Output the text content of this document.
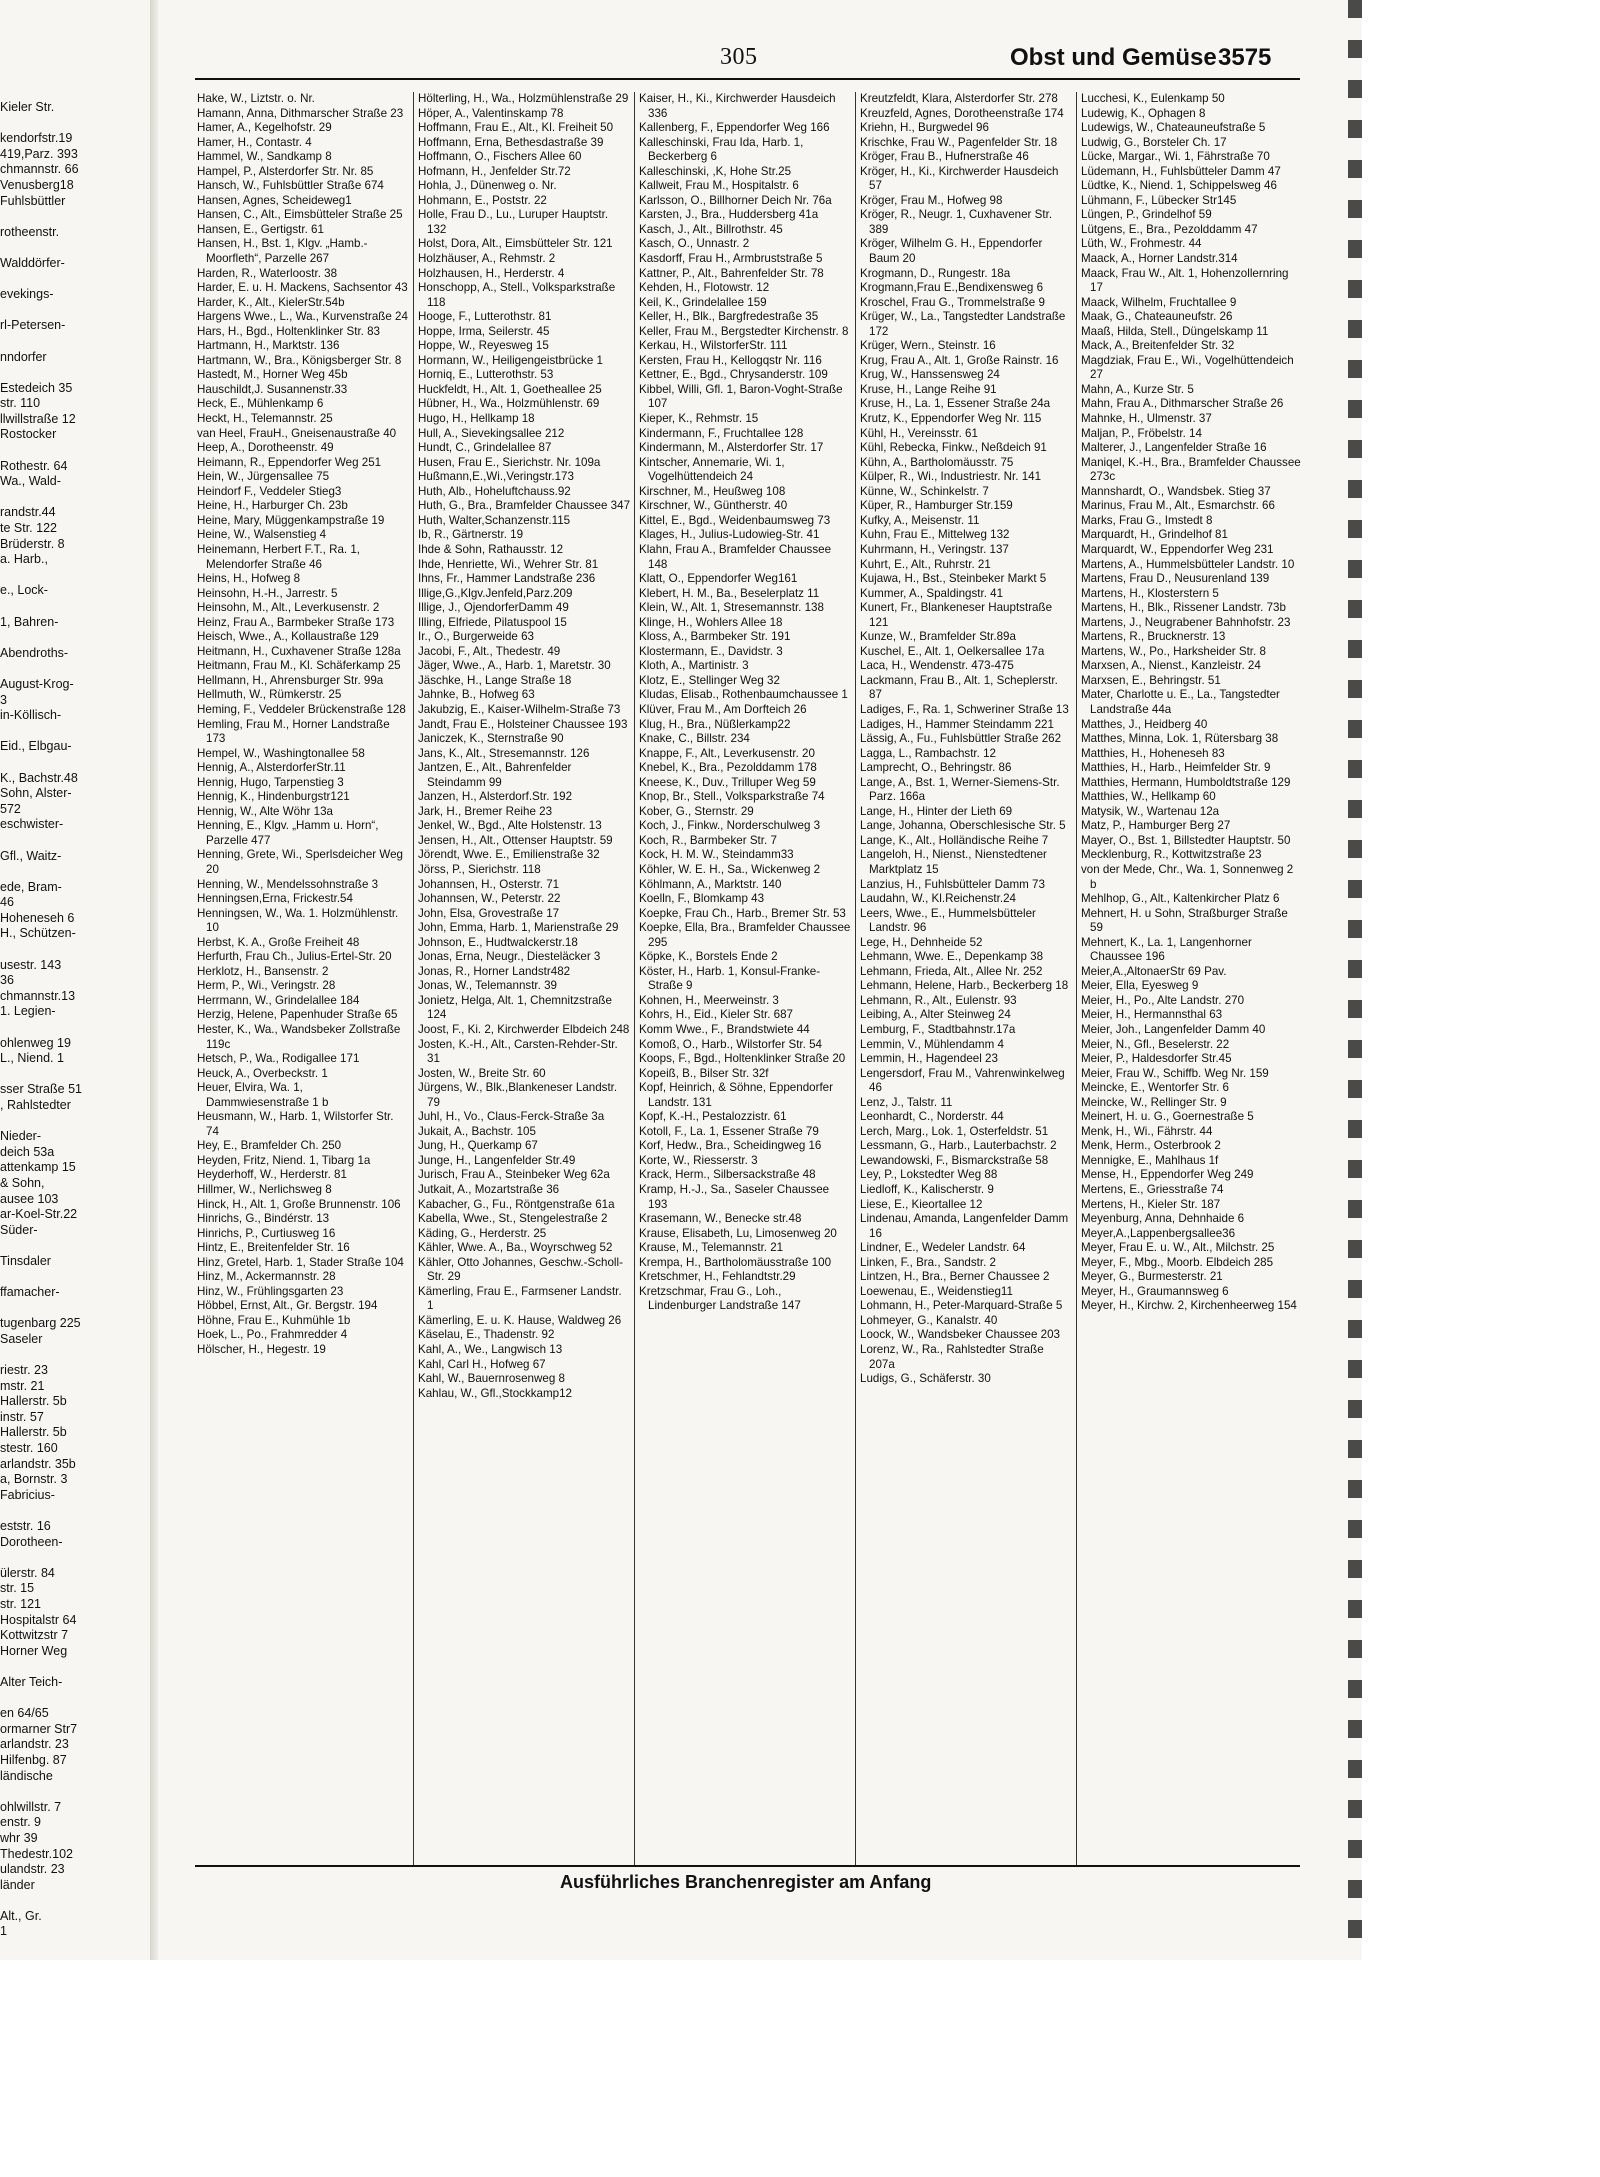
305	Obst und Gemüse 3575
Kieler Str.

kendorfstr.19
419,Parz. 393
chmannstr. 66
Venusberg18
Fuhlsbüttler

rotheenstr.

Walddörfer-

evekings-

rl-Petersen-

nndorfer

Estedeich 35
str. 110
llwillstraße 12
Rostocker

Rothestr. 64
Wa., Wald-

randstr.44
te Str. 122
Brüderstr. 8
a. Harb.,

e., Lock-

1, Bahren-

Abendroths-

August-Krog-
3
in-Köllisch-

Eid., Elbgau-

K., Bachstr.48
Sohn, Alster-
572
eschwister-

Gfl., Waitz-

ede, Bram-
46
Hoheneseh 6
H., Schützen-

usestr. 143
36
chmannstr.13
1. Legien-

ohlenweg 19
L., Niend. 1

sser Straße 51
, Rahlstedter

Nieder-
deich 53a
attenkamp 15
& Sohn,
ausee 103
ar-Koel-Str.22
Süder-

Tinsdaler

ffamacher-

tugenbarg 225
Saseler

riestr. 23
mstr. 21
Hallerstr. 5b
instr. 57
Hallerstr. 5b
stestr. 160
arlandstr. 35b
a, Bornstr. 3
Fabricius-

eststr. 16
Dorotheen-

ülerstr. 84
str. 15
str. 121
Hospitalstr 64
Kottwitzstr 7
Horner Weg

Alter Teich-

en 64/65
ormarner Str7
arlandstr. 23
Hilfenbg. 87
ländische

ohlwillstr. 7
enstr. 9
whr 39
Thedestr.102
ulandstr. 23
länder

Alt., Gr.
1
Hake, W., Liztstr. o. Nr.
Hamann, Anna, Dithmarscher Straße 23
Hamer, A., Kegelhofstr. 29
Hamer, H., Contastr. 4
Hammel, W., Sandkamp 8
Hampel, P., Alsterdorfer Str. Nr. 85
Hansch, W., Fuhlsbüttler Straße 674
Hansen, Agnes, Scheideweg1
Hansen, C., Alt., Eimsbütteler Straße 25
Hansen, E., Gertigstr. 61
Hansen, H., Bst. 1, Klgv. „Hamb.-Moorfleth“, Parzelle 267
Harden, R., Waterloostr. 38
Harder, E. u. H. Mackens, Sachsentor 43
Harder, K., Alt., KielerStr.54b
Hargens Wwe., L., Wa., Kurvenstraße 24
Hars, H., Bgd., Holtenklinker Str. 83
Hartmann, H., Marktstr. 136
Hartmann, W., Bra., Königsberger Str. 8
Hastedt, M., Horner Weg 45b
Hauschildt,J. Susannenstr.33
Heck, E., Mühlenkamp 6
Heckt, H., Telemannstr. 25
van Heel, FrauH., Gneisenaustraße 40
Heep, A., Dorotheenstr. 49
Heimann, R., Eppendorfer Weg 251
Hein, W., Jürgensallee 75
Heindorf F., Veddeler Stieg3
Heine, H., Harburger Ch. 23b
Heine, Mary, Müggenkampstraße 19
Heine, W., Walsenstieg 4
Heinemann, Herbert F.T., Ra. 1, Melendorfer Straße 46
Heins, H., Hofweg 8
Heinsohn, H.-H., Jarrestr. 5
Heinsohn, M., Alt., Leverkusenstr. 2
Heinz, Frau A., Barmbeker Straße 173
Heisch, Wwe., A., Kollaustraße 129
Heitmann, H., Cuxhavener Straße 128a
Heitmann, Frau M., Kl. Schäferkamp 25
Hellmann, H., Ahrensburger Str. 99a
Hellmuth, W., Rümkerstr. 25
Heming, F., Veddeler Brückenstraße 128
Hemling, Frau M., Horner Landstraße 173
Hempel, W., Washingtonallee 58
Hennig, A., AlsterdorferStr.11
Hennig, Hugo, Tarpenstieg 3
Hennig, K., Hindenburgstr121
Hennig, W., Alte Wöhr 13a
Henning, E., Klgv. „Hamm u. Horn“, Parzelle 477
Henning, Grete, Wi., Sperlsdeicher Weg 20
Henning, W., Mendelssohnstraße 3
Henningsen,Erna, Frickestr.54
Henningsen, W., Wa. 1. Holzmühlenstr. 10
Herbst, K. A., Große Freiheit 48
Herfurth, Frau Ch., Julius-Ertel-Str. 20
Herklotz, H., Bansenstr. 2
Herm, P., Wi., Veringstr. 28
Herrmann, W., Grindelallee 184
Herzig, Helene, Papenhuder Straße 65
Hester, K., Wa., Wandsbeker Zollstraße 119c
Hetsch, P., Wa., Rodigallee 171
Heuck, A., Overbeckstr. 1
Heuer, Elvira, Wa. 1, Dammwiesenstraße 1 b
Heusmann, W., Harb. 1, Wilstorfer Str. 74
Hey, E., Bramfelder Ch. 250
Heyden, Fritz, Niend. 1, Tibarg 1a
Heyderhoff, W., Herderstr. 81
Hillmer, W., Nerlichsweg 8
Hinck, H., Alt. 1, Große Brunnenstr. 106
Hinrichs, G., Bindérstr. 13
Hinrichs, P., Curtiusweg 16
Hintz, E., Breitenfelder Str. 16
Hinz, Gretel, Harb. 1, Stader Straße 104
Hinz, M., Ackermannstr. 28
Hinz, W., Frühlingsgarten 23
Höbbel, Ernst, Alt., Gr. Bergstr. 194
Höhne, Frau E., Kuhmühle 1b
Hoek, L., Po., Frahmredder 4
Hölscher, H., Hegestr. 19
Hölterling, H., Wa., Holzmühlenstraße 29
Höper, A., Valentinskamp 78
Hoffmann, Frau E., Alt., Kl. Freiheit 50
Hoffmann, Erna, Bethesdastraße 39
Hoffmann, O., Fischers Allee 60
Hofmann, H., Jenfelder Str.72
Hohla, J., Dünenweg o. Nr.
Hohmann, E., Poststr. 22
Holle, Frau D., Lu., Luruper Hauptstr. 132
Holst, Dora, Alt., Eimsbütteler Str. 121
Holzhäuser, A., Rehmstr. 2
Holzhausen, H., Herderstr. 4
Honschopp, A., Stell., Volksparkstraße 118
Hooge, F., Lutterothstr. 81
Hoppe, Irma, Seilerstr. 45
Hoppe, W., Reyesweg 15
Hormann, W., Heiligengeistbrücke 1
Horniq, E., Lutterothstr. 53
Huckfeldt, H., Alt. 1, Goetheallee 25
Hübner, H., Wa., Holzmühlenstr. 69
Hugo, H., Hellkamp 18
Hull, A., Sievekingsallee 212
Hundt, C., Grindelallee 87
Husen, Frau E., Sierichstr. Nr. 109a
Hußmann,E.,Wi.,Veringstr.173
Huth, Alb., Hoheluftchauss.92
Huth, G., Bra., Bramfelder Chaussee 347
Huth, Walter,Schanzenstr.115
Ib, R., Gärtnerstr. 19
Ihde & Sohn, Rathausstr. 12
Ihde, Henriette, Wi., Wehrer Str. 81
Ihns, Fr., Hammer Landstraße 236
Illige,G.,Klgv.Jenfeld,Parz.209
Illige, J., OjendorferDamm 49
Illing, Elfriede, Pilatuspool 15
Ir., O., Burgerweide 63
Jacobi, F., Alt., Thedestr. 49
Jäger, Wwe., A., Harb. 1, Maretstr. 30
Jäschke, H., Lange Straße 18
Jahnke, B., Hofweg 63
Jakubzig, E., Kaiser-Wilhelm-Straße 73
Jandt, Frau E., Holsteiner Chaussee 193
Janiczek, K., Sternstraße 90
Jans, K., Alt., Stresemannstr. 126
Jantzen, E., Alt., Bahrenfelder Steindamm 99
Janzen, H., Alsterdorf.Str. 192
Jark, H., Bremer Reihe 23
Jenkel, W., Bgd., Alte Holstenstr. 13
Jensen, H., Alt., Ottenser Hauptstr. 59
Jörendt, Wwe. E., Emilienstraße 32
Jörss, P., Sierichstr. 118
Johannsen, H., Osterstr. 71
Johannsen, W., Peterstr. 22
John, Elsa, Grovestraße 17
John, Emma, Harb. 1, Marienstraße 29
Johnson, E., Hudtwalckerstr.18
Jonas, Erna, Neugr., Diesteläcker 3
Jonas, R., Horner Landstr482
Jonas, W., Telemannstr. 39
Jonietz, Helga, Alt. 1, Chemnitzstraße 124
Joost, F., Ki. 2, Kirchwerder Elbdeich 248
Josten, K.-H., Alt., Carsten-Rehder-Str. 31
Josten, W., Breite Str. 60
Jürgens, W., Blk.,Blankeneser Landstr. 79
Juhl, H., Vo., Claus-Ferck-Straße 3a
Jukait, A., Bachstr. 105
Jung, H., Querkamp 67
Junge, H., Langenfelder Str.49
Jurisch, Frau A., Steinbeker Weg 62a
Jutkait, A., Mozartstraße 36
Kabacher, G., Fu., Röntgenstraße 61a
Kabella, Wwe., St., Stengelestraße 2
Käding, G., Herderstr. 25
Kähler, Wwe. A., Ba., Woyrschweg 52
Kähler, Otto Johannes, Geschw.-Scholl-Str. 29
Kämerling, Frau E., Farmsener Landstr. 1
Kämerling, E. u. K. Hause, Waldweg 26
Käselau, E., Thadenstr. 92
Kahl, A., We., Langwisch 13
Kahl, Carl H., Hofweg 67
Kahl, W., Bauernrosenweg 8
Kahlau, W., Gfl.,Stockkamp12
Kaiser, H., Ki., Kirchwerder Hausdeich 336
Kallenberg, F., Eppendorfer Weg 166
Kalleschinski, Frau Ida, Harb. 1, Beckerberg 6
Kalleschinski, ,K, Hohe Str.25
Kallweit, Frau M., Hospitalstr. 6
Karlsson, O., Billhorner Deich Nr. 76a
Karsten, J., Bra., Huddersberg 41a
Kasch, J., Alt., Billrothstr. 45
Kasch, O., Unnastr. 2
Kasdorff, Frau H., Armbruststraße 5
Kattner, P., Alt., Bahrenfelder Str. 78
Kehden, H., Flotowstr. 12
Keil, K., Grindelallee 159
Keller, H., Blk., Bargfredestraße 35
Keller, Frau M., Bergstedter Kirchenstr. 8
Kerkau, H., WilstorferStr. 111
Kersten, Frau H., Kellogqstr Nr. 116
Kettner, E., Bgd., Chrysanderstr. 109
Kibbel, Willi, Gfl. 1, Baron-Voght-Straße 107
Kieper, K., Rehmstr. 15
Kindermann, F., Fruchtallee 128
Kindermann, M., Alsterdorfer Str. 17
Kintscher, Annemarie, Wi. 1, Vogelhüttendeich 24
Kirschner, M., Heußweg 108
Kirschner, W., Güntherstr. 40
Kittel, E., Bgd., Weidenbaumsweg 73
Klages, H., Julius-Ludowieg-Str. 41
Klahn, Frau A., Bramfelder Chaussee 148
Klatt, O., Eppendorfer Weg161
Klebert, H. M., Ba., Beselerplatz 11
Klein, W., Alt. 1, Stresemannstr. 138
Klinge, H., Wohlers Allee 18
Kloss, A., Barmbeker Str. 191
Klostermann, E., Davidstr. 3
Kloth, A., Martinistr. 3
Klotz, E., Stellinger Weg 32
Kludas, Elisab., Rothenbaumchaussee 1
Klüver, Frau M., Am Dorfteich 26
Klug, H., Bra., Nüßlerkamp22
Knake, C., Billstr. 234
Knappe, F., Alt., Leverkusenstr. 20
Knebel, K., Bra., Pezolddamm 178
Kneese, K., Duv., Trilluper Weg 59
Knop, Br., Stell., Volksparkstraße 74
Kober, G., Sternstr. 29
Koch, J., Finkw., Norderschulweg 3
Koch, R., Barmbeker Str. 7
Kock, H. M. W., Steindamm33
Köhler, W. E. H., Sa., Wickenweg 2
Köhlmann, A., Marktstr. 140
Koelln, F., Blomkamp 43
Koepke, Frau Ch., Harb., Bremer Str. 53
Koepke, Ella, Bra., Bramfelder Chaussee 295
Köpke, K., Borstels Ende 2
Köster, H., Harb. 1, Konsul-Franke-Straße 9
Kohnen, H., Meerweinstr. 3
Kohrs, H., Eid., Kieler Str. 687
Komm Wwe., F., Brandstwiete 44
Komoß, O., Harb., Wilstorfer Str. 54
Koops, F., Bgd., Holtenklinker Straße 20
Kopeiß, B., Bilser Str. 32f
Kopf, Heinrich, & Söhne, Eppendorfer Landstr. 131
Kopf, K.-H., Pestalozzistr. 61
Kotoll, F., La. 1, Essener Straße 79
Korf, Hedw., Bra., Scheidingweg 16
Korte, W., Riesserstr. 3
Krack, Herm., Silbersackstraße 48
Kramp, H.-J., Sa., Saseler Chaussee 193
Krasemann, W., Benecke str.48
Krause, Elisabeth, Lu, Limosenweg 20
Krause, M., Telemannstr. 21
Krempa, H., Bartholomäusstraße 100
Kretschmer, H., Fehlandtstr.29
Kretzschmar, Frau G., Loh., Lindenburger Landstraße 147
Kreutzfeldt, Klara, Alsterdorfer Str. 278
Kreuzfeld, Agnes, Dorotheenstraße 174
Kriehn, H., Burgwedel 96
Krischke, Frau W., Pagenfelder Str. 18
Kröger, Frau B., Hufnerstraße 46
Kröger, H., Ki., Kirchwerder Hausdeich 57
Kröger, Frau M., Hofweg 98
Kröger, R., Neugr. 1, Cuxhavener Str. 389
Kröger, Wilhelm G. H., Eppendorfer Baum 20
Krogmann, D., Rungestr. 18a
Krogmann,Frau E.,Bendixensweg 6
Kroschel, Frau G., Trommelstraße 9
Krüger, W., La., Tangstedter Landstraße 172
Krüger, Wern., Steinstr. 16
Krug, Frau A., Alt. 1, Große Rainstr. 16
Krug, W., Hanssensweg 24
Kruse, H., Lange Reihe 91
Kruse, H., La. 1, Essener Straße 24a
Krutz, K., Eppendorfer Weg Nr. 115
Kühl, H., Vereinsstr. 61
Kühl, Rebecka, Finkw., Neßdeich 91
Kühn, A., Bartholomäusstr. 75
Külper, R., Wi., Industriestr. Nr. 141
Künne, W., Schinkelstr. 7
Küper, R., Hamburger Str.159
Kufky, A., Meisenstr. 11
Kuhn, Frau E., Mittelweg 132
Kuhrmann, H., Veringstr. 137
Kuhrt, E., Alt., Ruhrstr. 21
Kujawa, H., Bst., Steinbeker Markt 5
Kummer, A., Spaldingstr. 41
Kunert, Fr., Blankeneser Hauptstraße 121
Kunze, W., Bramfelder Str.89a
Kuschel, E., Alt. 1, Oelkersallee 17a
Laca, H., Wendenstr. 473-475
Lackmann, Frau B., Alt. 1, Scheplerstr. 87
Ladiges, F., Ra. 1, Schweriner Straße 13
Ladiges, H., Hammer Steindamm 221
Lässig, A., Fu., Fuhlsbüttler Straße 262
Lagga, L., Rambachstr. 12
Lamprecht, O., Behringstr. 86
Lange, A., Bst. 1, Werner-Siemens-Str. Parz. 166a
Lange, H., Hinter der Lieth 69
Lange, Johanna, Oberschlesische Str. 5
Lange, K., Alt., Holländische Reihe 7
Langeloh, H., Nienst., Nienstedtener Marktplatz 15
Lanzius, H., Fuhlsbütteler Damm 73
Laudahn, W., Kl.Reichenstr.24
Leers, Wwe., E., Hummelsbütteler Landstr. 96
Lege, H., Dehnheide 52
Lehmann, Wwe. E., Depenkamp 38
Lehmann, Frieda, Alt., Allee Nr. 252
Lehmann, Helene, Harb., Beckerberg 18
Lehmann, R., Alt., Eulenstr. 93
Leibing, A., Alter Steinweg 24
Lemburg, F., Stadtbahnstr.17a
Lemmin, V., Mühlendamm 4
Lemmin, H., Hagendeel 23
Lengersdorf, Frau M., Vahrenwinkelweg 46
Lenz, J., Talstr. 11
Leonhardt, C., Norderstr. 44
Lerch, Marg., Lok. 1, Osterfeldstr. 51
Lessmann, G., Harb., Lauterbachstr. 2
Lewandowski, F., Bismarckstraße 58
Ley, P., Lokstedter Weg 88
Liedloff, K., Kalischerstr. 9
Liese, E., Kieortallee 12
Lindenau, Amanda, Langenfelder Damm 16
Lindner, E., Wedeler Landstr. 64
Linken, F., Bra., Sandstr. 2
Lintzen, H., Bra., Berner Chaussee 2
Loewenau, E., Weidenstieg11
Lohmann, H., Peter-Marquard-Straße 5
Lohmeyer, G., Kanalstr. 40
Loock, W., Wandsbeker Chaussee 203
Lorenz, W., Ra., Rahlstedter Straße 207a
Ludigs, G., Schäferstr. 30
Lucchesi, K., Eulenkamp 50
Ludewig, K., Ophagen 8
Ludewigs, W., Chateauneufstraße 5
Ludwig, G., Borsteler Ch. 17
Lücke, Margar., Wi. 1, Fährstraße 70
Lüdemann, H., Fuhlsbütteler Damm 47
Lüdtke, K., Niend. 1, Schippelsweg 46
Lühmann, F., Lübecker Str145
Lüngen, P., Grindelhof 59
Lütgens, E., Bra., Pezolddamm 47
Lüth, W., Frohmestr. 44
Maack, A., Horner Landstr.314
Maack, Frau W., Alt. 1, Hohenzollernring 17
Maack, Wilhelm, Fruchtallee 9
Maak, G., Chateauneufstr. 26
Maaß, Hilda, Stell., Düngelskamp 11
Mack, A., Breitenfelder Str. 32
Magdziak, Frau E., Wi., Vogelhüttendeich 27
Mahn, A., Kurze Str. 5
Mahn, Frau A., Dithmarscher Straße 26
Mahnke, H., Ulmenstr. 37
Maljan, P., Fröbelstr. 14
Malterer, J., Langenfelder Straße 16
Maniqel, K.-H., Bra., Bramfelder Chaussee 273c
Mannshardt, O., Wandsbek. Stieg 37
Marinus, Frau M., Alt., Esmarchstr. 66
Marks, Frau G., Imstedt 8
Marquardt, H., Grindelhof 81
Marquardt, W., Eppendorfer Weg 231
Martens, A., Hummelsbütteler Landstr. 10
Martens, Frau D., Neusurenland 139
Martens, H., Klosterstern 5
Martens, H., Blk., Rissener Landstr. 73b
Martens, J., Neugrabener Bahnhofstr. 23
Martens, R., Brucknerstr. 13
Martens, W., Po., Harksheider Str. 8
Marxsen, A., Nienst., Kanzleistr. 24
Marxsen, E., Behringstr. 51
Mater, Charlotte u. E., La., Tangstedter Landstraße 44a
Matthes, J., Heidberg 40
Matthes, Minna, Lok. 1, Rütersbarg 38
Matthies, H., Hoheneseh 83
Matthies, H., Harb., Heimfelder Str. 9
Matthies, Hermann, Humboldtstraße 129
Matthies, W., Hellkamp 60
Matysik, W., Wartenau 12a
Matz, P., Hamburger Berg 27
Mayer, O., Bst. 1, Billstedter Hauptstr. 50
Mecklenburg, R., Kottwitzstraße 23
von der Mede, Chr., Wa. 1, Sonnenweg 2 b
Mehlhop, G., Alt., Kaltenkircher Platz 6
Mehnert, H. u Sohn, Straßburger Straße 59
Mehnert, K., La. 1, Langenhorner Chaussee 196
Meier,A.,AltonaerStr 69 Pav.
Meier, Ella, Eyesweg 9
Meier, H., Po., Alte Landstr. 270
Meier, H., Hermannsthal 63
Meier, Joh., Langenfelder Damm 40
Meier, N., Gfl., Beselerstr. 22
Meier, P., Haldesdorfer Str.45
Meier, Frau W., Schiffb. Weg Nr. 159
Meincke, E., Wentorfer Str. 6
Meincke, W., Rellinger Str. 9
Meinert, H. u. G., Goernestraße 5
Menk, H., Wi., Fährstr. 44
Menk, Herm., Osterbrook 2
Mennigke, E., Mahlhaus 1f
Mense, H., Eppendorfer Weg 249
Mertens, E., Griesstraße 74
Mertens, H., Kieler Str. 187
Meyenburg, Anna, Dehnhaide 6
Meyer,A.,Lappenbergsallee36
Meyer, Frau E. u. W., Alt., Milchstr. 25
Meyer, F., Mbg., Moorb. Elbdeich 285
Meyer, G., Burmesterstr. 21
Meyer, H., Graumannsweg 6
Meyer, H., Kirchw. 2, Kirchenheerweg 154
Ausführliches Branchenregister am Anfang
